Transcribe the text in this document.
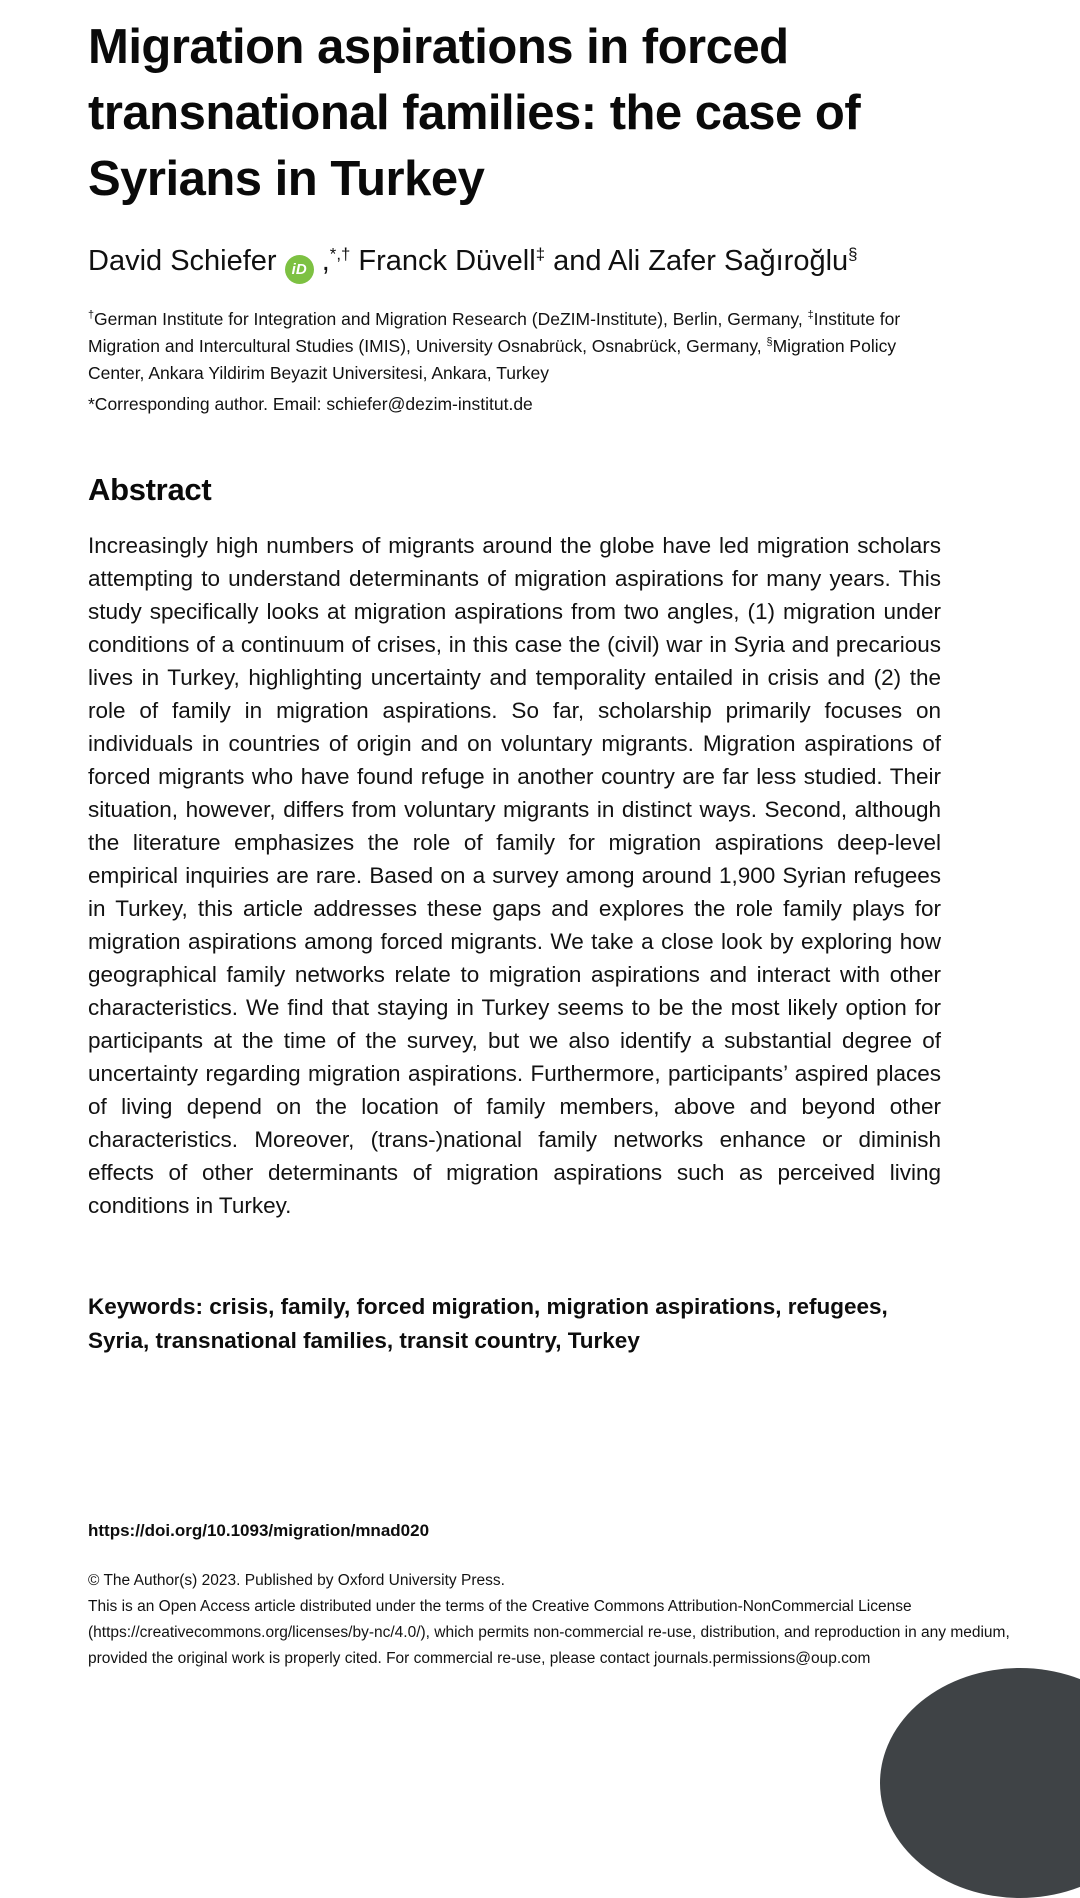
Migration aspirations in forced transnational families: the case of Syrians in Turkey
David Schiefer iD ,*,† Franck Düvell‡ and Ali Zafer Sağıroğlu§
†German Institute for Integration and Migration Research (DeZIM-Institute), Berlin, Germany, ‡Institute for Migration and Intercultural Studies (IMIS), University Osnabrück, Osnabrück, Germany, §Migration Policy Center, Ankara Yildirim Beyazit Universitesi, Ankara, Turkey
*Corresponding author. Email: schiefer@dezim-institut.de
Abstract

Increasingly high numbers of migrants around the globe have led migration scholars attempting to understand determinants of migration aspirations for many years. This study specifically looks at migration aspirations from two angles, (1) migration under conditions of a continuum of crises, in this case the (civil) war in Syria and precarious lives in Turkey, highlighting uncertainty and temporality entailed in crisis and (2) the role of family in migration aspirations. So far, scholarship primarily focuses on individuals in countries of origin and on voluntary migrants. Migration aspirations of forced migrants who have found refuge in another country are far less studied. Their situation, however, differs from voluntary migrants in distinct ways. Second, although the literature emphasizes the role of family for migration aspirations deep-level empirical inquiries are rare. Based on a survey among around 1,900 Syrian refugees in Turkey, this article addresses these gaps and explores the role family plays for migration aspirations among forced migrants. We take a close look by exploring how geographical family networks relate to migration aspirations and interact with other characteristics. We find that staying in Turkey seems to be the most likely option for participants at the time of the survey, but we also identify a substantial degree of uncertainty regarding migration aspirations. Furthermore, participants’ aspired places of living depend on the location of family members, above and beyond other characteristics. Moreover, (trans-)national family networks enhance or diminish effects of other determinants of migration aspirations such as perceived living conditions in Turkey.

Keywords: crisis, family, forced migration, migration aspirations, refugees, Syria, transnational families, transit country, Turkey

https://doi.org/10.1093/migration/mnad020

© The Author(s) 2023. Published by Oxford University Press.

This is an Open Access article distributed under the terms of the Creative Commons Attribution-NonCommercial License (https://creativecommons.org/licenses/by-nc/4.0/), which permits non-commercial re-use, distribution, and reproduction in any medium, provided the original work is properly cited. For commercial re-use, please contact journals.permissions@oup.com
